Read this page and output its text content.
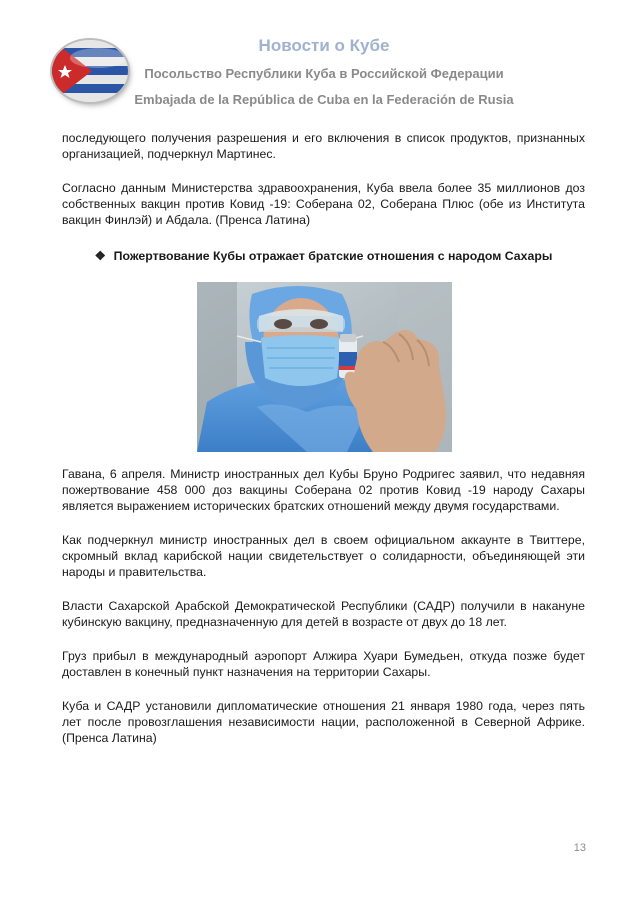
Новости о Кубе
Посольство Республики Куба в Российской Федерации
Embajada de la República de Cuba en la Federación de Rusia

последующего получения разрешения и его включения в список продуктов, признанных организацией, подчеркнул Мартинес.

Согласно данным Министерства здравоохранения, Куба ввела более 35 миллионов доз собственных вакцин против Ковид -19: Соберана 02, Соберана Плюс (обе из Института вакцин Финлэй) и Абдала. (Пренса Латина)

❖ Пожертвование Кубы отражает братские отношения с народом Сахары

Гавана, 6 апреля. Министр иностранных дел Кубы Бруно Родригес заявил, что недавняя пожертвование 458 000 доз вакцины Соберана 02 против Ковид -19 народу Сахары является выражением исторических братских отношений между двумя государствами.

Как подчеркнул министр иностранных дел в своем официальном аккаунте в Твиттере, скромный вклад карибской нации свидетельствует о солидарности, объединяющей эти народы и правительства.

Власти Сахарской Арабской Демократической Республики (САДР) получили в накануне кубинскую вакцину, предназначенную для детей в возрасте от двух до 18 лет.

Груз прибыл в международный аэропорт Алжира Хуари Бумедьен, откуда позже будет доставлен в конечный пункт назначения на территории Сахары.

Куба и САДР установили дипломатические отношения 21 января 1980 года, через пять лет после провозглашения независимости нации, расположенной в Северной Африке. (Пренса Латина)

13
